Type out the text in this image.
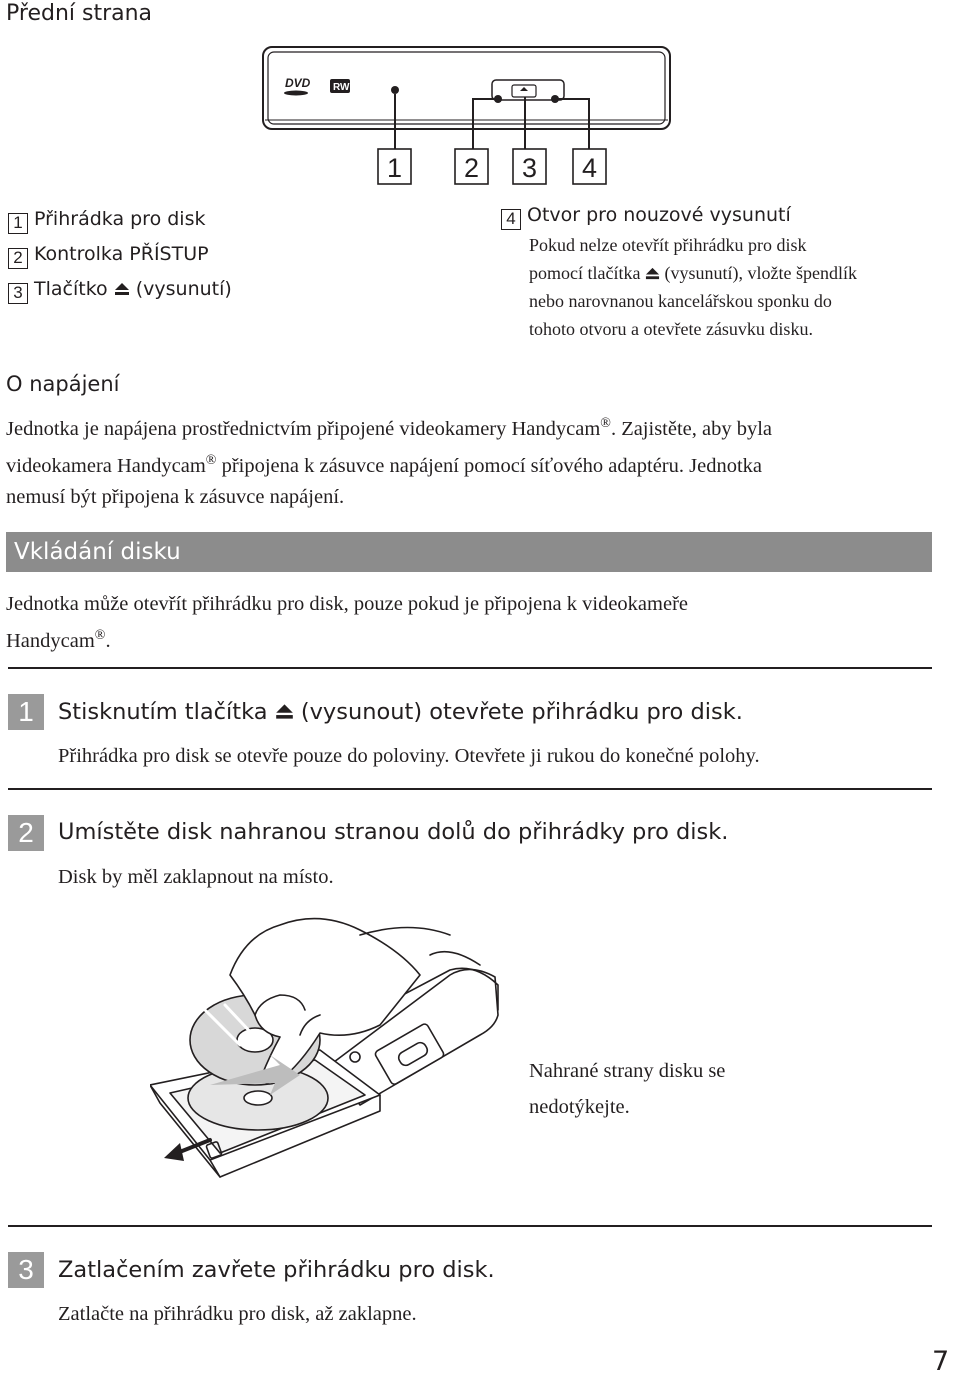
Přední strana
DVD RW
1 2 3 4
1 Přihrádka pro disk
2 Kontrolka PŘÍSTUP
3 Tlačítko (vysunutí)
4 Otvor pro nouzové vysunutí
Pokud nelze otevřít přihrádku pro disk
pomocí tlačítka (vysunutí), vložte špendlík
nebo narovnanou kancelářskou sponku do
tohoto otvoru a otevřete zásuvku disku.
O napájení
Jednotka je napájena prostřednictvím připojené videokamery Handycam®. Zajistěte, aby byla
videokamera Handycam® připojena k zásuvce napájení pomocí síťového adaptéru. Jednotka
nemusí být připojena k zásuvce napájení.
Vkládání disku
Jednotka může otevřít přihrádku pro disk, pouze pokud je připojena k videokameře
Handycam®.
1	Stisknutím tlačítka (vysunout) otevřete přihrádku pro disk.
Přihrádka pro disk se otevře pouze do poloviny. Otevřete ji rukou do konečné polohy.
2	Umístěte disk nahranou stranou dolů do přihrádky pro disk.
Disk by měl zaklapnout na místo.
Nahrané strany disku se
nedotýkejte.
3	Zatlačením zavřete přihrádku pro disk.
Zatlačte na přihrádku pro disk, až zaklapne.
7
